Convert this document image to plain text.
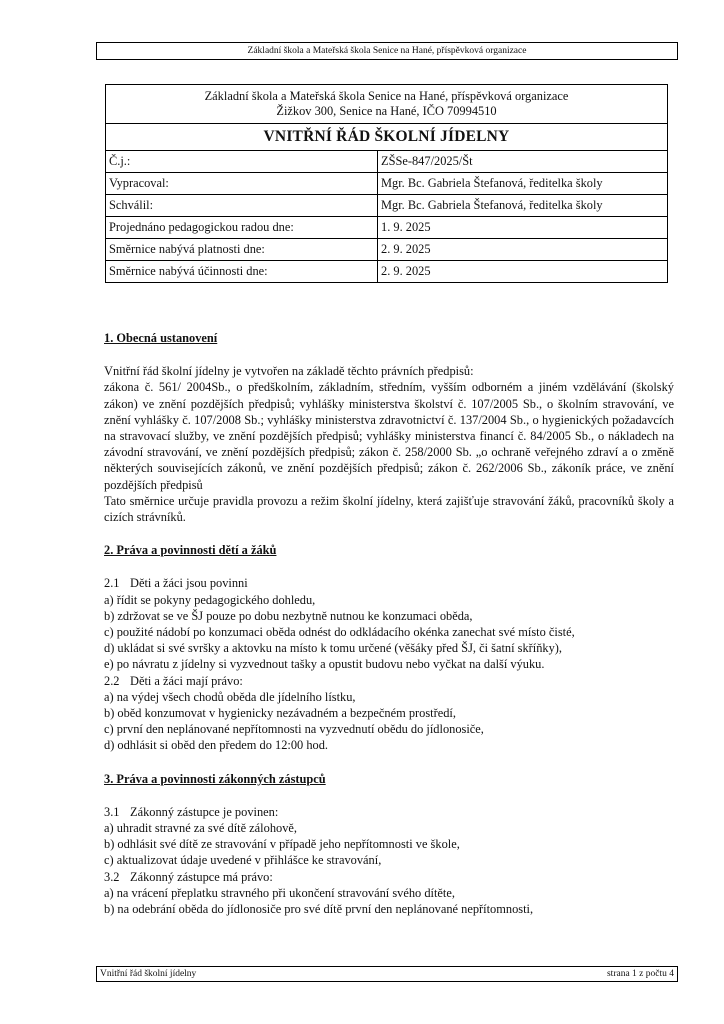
Základní škola a Mateřská škola Senice na Hané, příspěvková organizace
Základní škola a Mateřská škola Senice na Hané, příspěvková organizace
Žižkov 300, Senice na Hané, IČO 70994510	

VNITŘNÍ ŘÁD ŠKOLNÍ JÍDELNY	
Č.j.:	ZŠSe-847/2025/Št
Vypracoval:	Mgr. Bc. Gabriela Štefanová, ředitelka školy
Schválil:	Mgr. Bc. Gabriela Štefanová, ředitelka školy
Projednáno pedagogickou radou dne:	1. 9. 2025
Směrnice nabývá platnosti dne:	2. 9. 2025
Směrnice nabývá účinnosti dne:	2. 9. 2025

1. Obecná ustanovení

Vnitřní řád školní jídelny je vytvořen na základě těchto právních předpisů:

zákona č. 561/ 2004Sb., o předškolním, základním, středním, vyšším odborném a jiném vzdělávání (školský zákon) ve znění pozdějších předpisů; vyhlášky ministerstva školství č. 107/2005 Sb., o školním stravování, ve znění vyhlášky č. 107/2008 Sb.; vyhlášky ministerstva zdravotnictví č. 137/2004 Sb., o hygienických požadavcích na stravovací služby, ve znění pozdějších předpisů; vyhlášky ministerstva financí č. 84/2005 Sb., o nákladech na závodní stravování, ve znění pozdějších předpisů; zákon č. 258/2000 Sb. „o ochraně veřejného zdraví a o změně některých souvisejících zákonů, ve znění pozdějších předpisů; zákon č. 262/2006 Sb., zákoník práce, ve znění pozdějších předpisů

Tato směrnice určuje pravidla provozu a režim školní jídelny, která zajišťuje stravování žáků, pracovníků školy a cizích strávníků.

2. Práva a povinnosti dětí a žáků

2.1 Děti a žáci jsou povinni

a) řídit se pokyny pedagogického dohledu,

b) zdržovat se ve ŠJ pouze po dobu nezbytně nutnou ke konzumaci oběda,

c) použité nádobí po konzumaci oběda odnést do odkládacího okénka zanechat své místo čisté,

d) ukládat si své svršky a aktovku na místo k tomu určené (věšáky před ŠJ, či šatní skříňky),

e) po návratu z jídelny si vyzvednout tašky a opustit budovu nebo vyčkat na další výuku.

2.2 Děti a žáci mají právo:

a) na výdej všech chodů oběda dle jídelního lístku,

b) oběd konzumovat v hygienicky nezávadném a bezpečném prostředí,

c) první den neplánované nepřítomnosti na vyzvednutí obědu do jídlonosiče,

d) odhlásit si oběd den předem do 12:00 hod.

3. Práva a povinnosti zákonných zástupců

3.1 Zákonný zástupce je povinen:

a) uhradit stravné za své dítě zálohově,

b) odhlásit své dítě ze stravování v případě jeho nepřítomnosti ve škole,

c) aktualizovat údaje uvedené v přihlášce ke stravování,

3.2 Zákonný zástupce má právo:

a) na vrácení přeplatku stravného při ukončení stravování svého dítěte,

b) na odebrání oběda do jídlonosiče pro své dítě první den neplánované nepřítomnosti,

Vnitřní řád školní jídelny	strana 1 z počtu 4
